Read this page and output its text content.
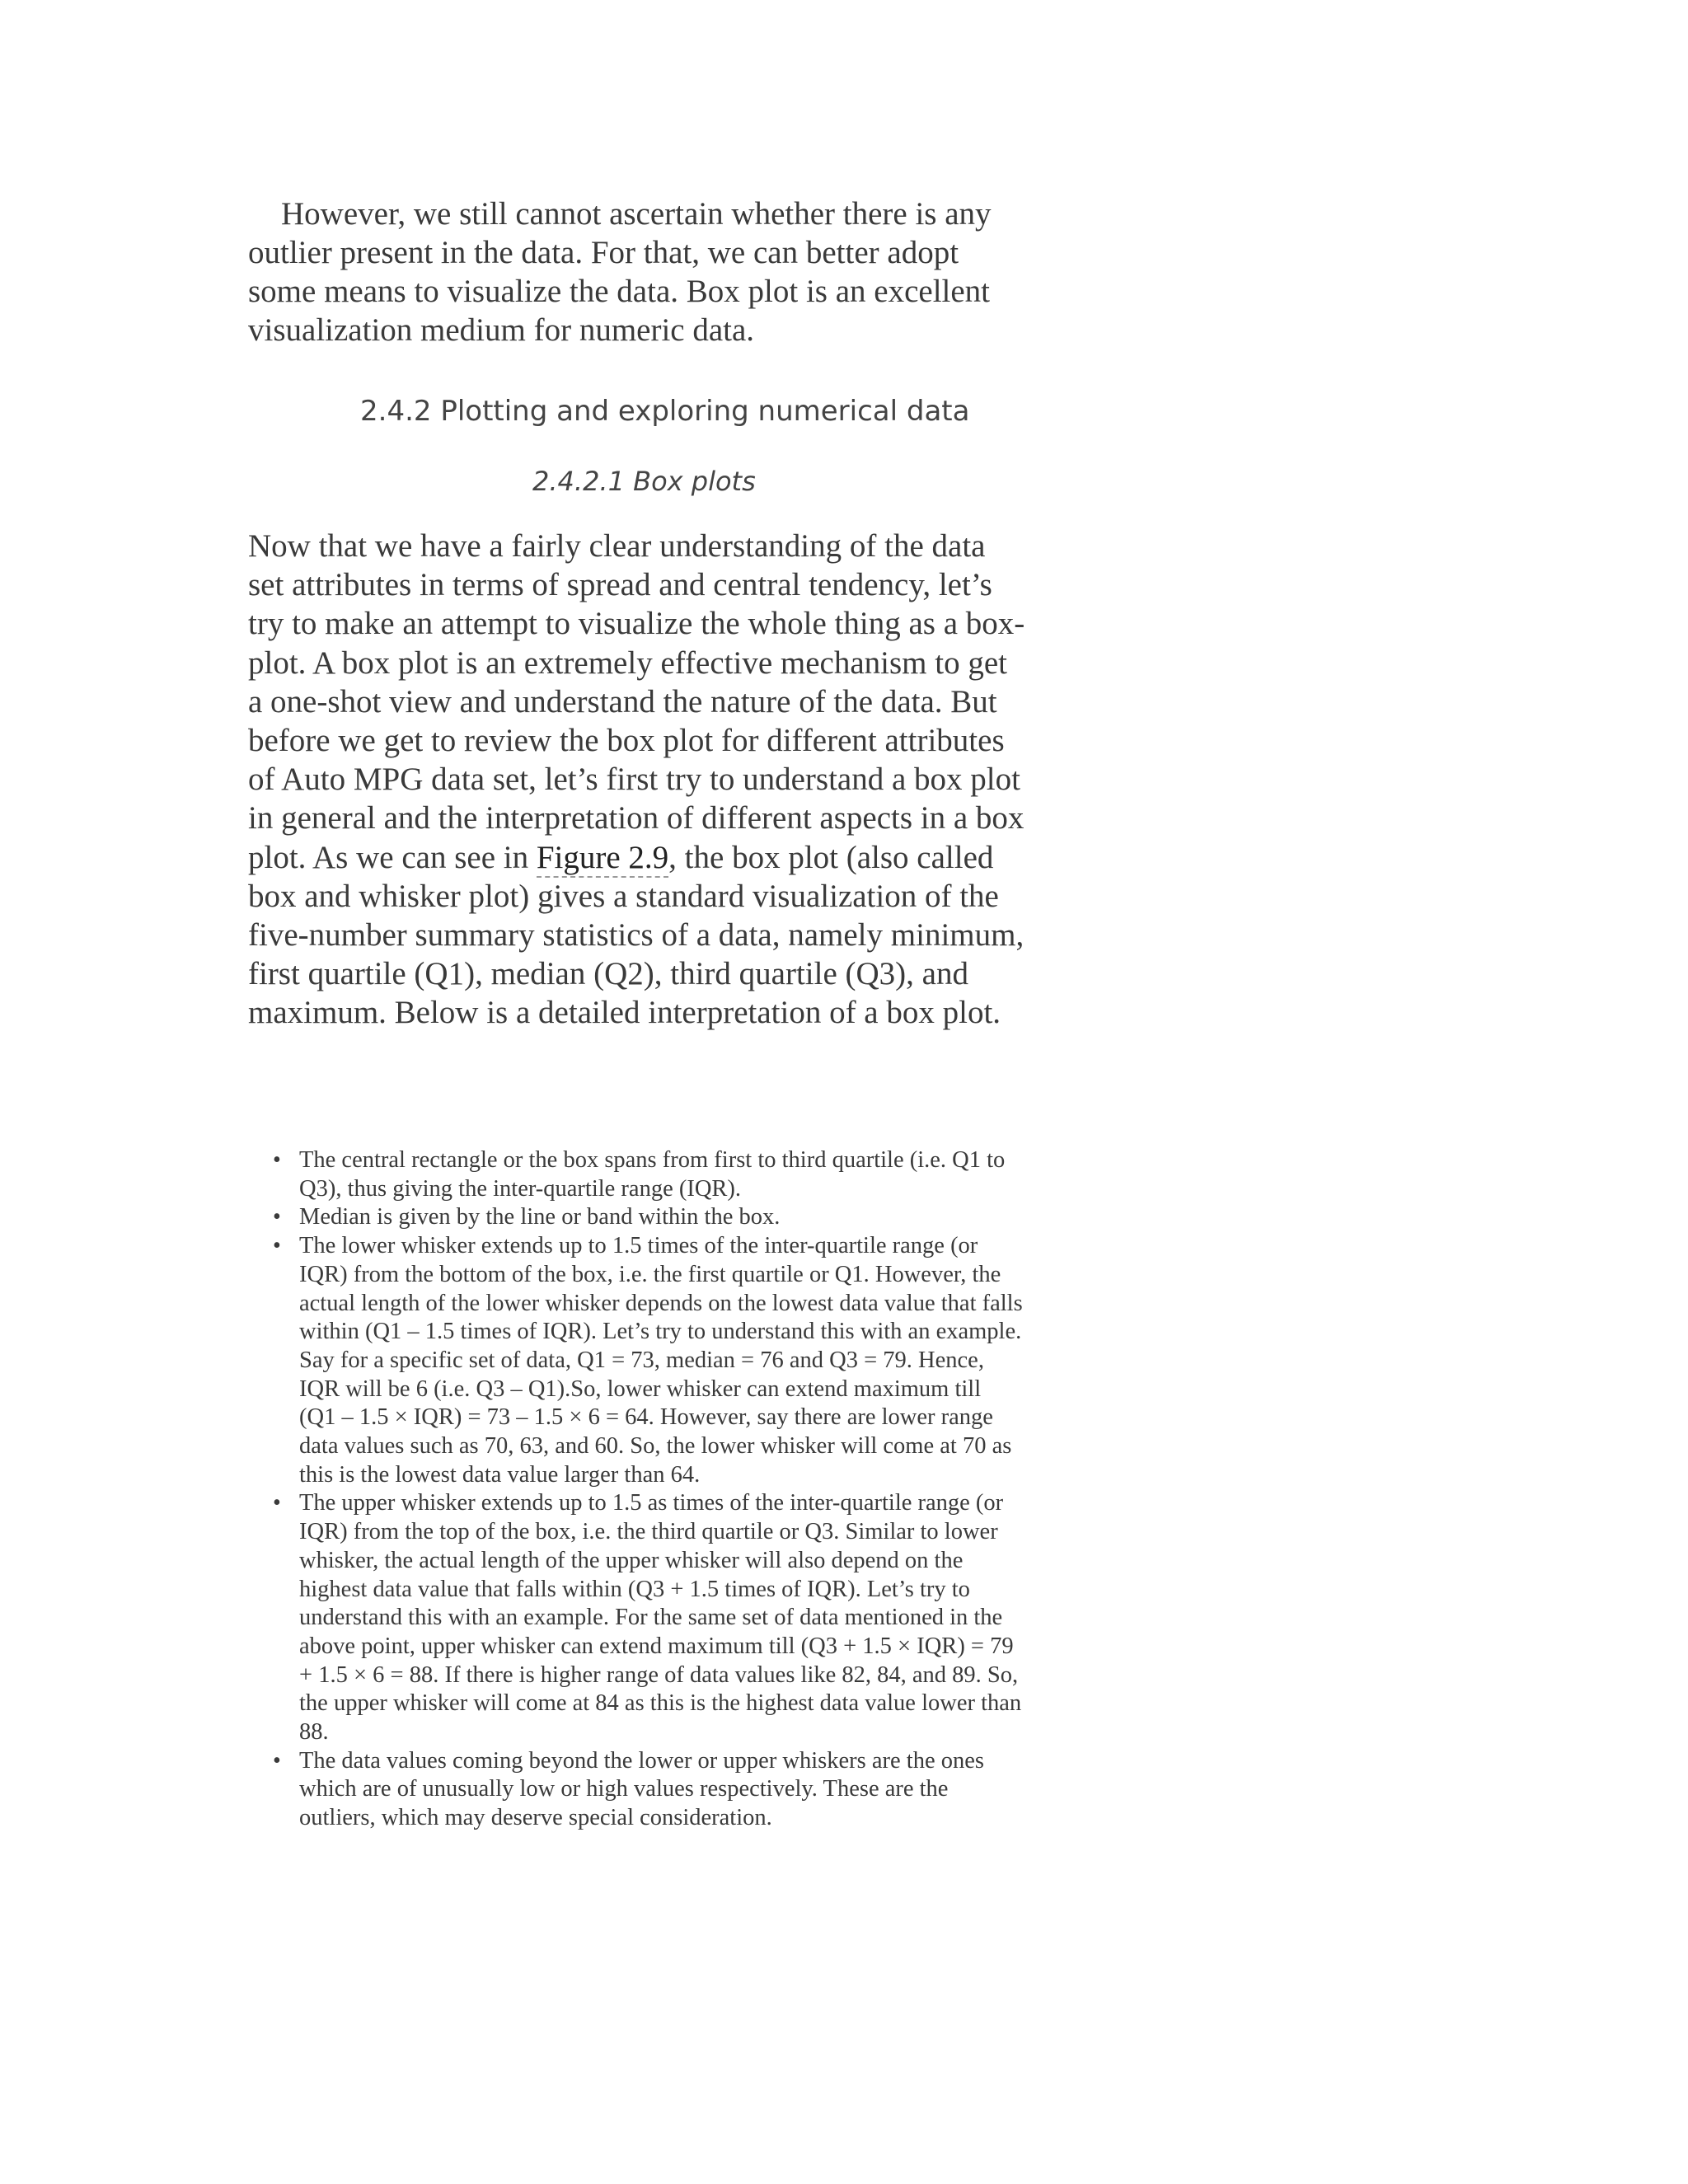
However, we still cannot ascertain whether there is any outlier present in the data. For that, we can better adopt some means to visualize the data. Box plot is an excellent visualization medium for numeric data.

2.4.2 Plotting and exploring numerical data
2.4.2.1 Box plots

Now that we have a fairly clear understanding of the data set attributes in terms of spread and central tendency, let’s try to make an attempt to visualize the whole thing as a box-plot. A box plot is an extremely effective mechanism to get a one-shot view and understand the nature of the data. But before we get to review the box plot for different attributes of Auto MPG data set, let’s first try to understand a box plot in general and the interpretation of different aspects in a box plot. As we can see in Figure 2.9, the box plot (also called box and whisker plot) gives a standard visualization of the five-number summary statistics of a data, namely minimum, first quartile (Q1), median (Q2), third quartile (Q3), and maximum. Below is a detailed interpretation of a box plot.

• The central rectangle or the box spans from first to third quartile (i.e. Q1 to Q3), thus giving the inter-quartile range (IQR).
• Median is given by the line or band within the box.
• The lower whisker extends up to 1.5 times of the inter-quartile range (or IQR) from the bottom of the box, i.e. the first quartile or Q1. However, the actual length of the lower whisker depends on the lowest data value that falls within (Q1 – 1.5 times of IQR). Let’s try to understand this with an example. Say for a specific set of data, Q1 = 73, median = 76 and Q3 = 79. Hence, IQR will be 6 (i.e. Q3 – Q1).So, lower whisker can extend maximum till (Q1 – 1.5 × IQR) = 73 – 1.5 × 6 = 64. However, say there are lower range data values such as 70, 63, and 60. So, the lower whisker will come at 70 as this is the lowest data value larger than 64.
• The upper whisker extends up to 1.5 as times of the inter-quartile range (or IQR) from the top of the box, i.e. the third quartile or Q3. Similar to lower whisker, the actual length of the upper whisker will also depend on the highest data value that falls within (Q3 + 1.5 times of IQR). Let’s try to understand this with an example. For the same set of data mentioned in the above point, upper whisker can extend maximum till (Q3 + 1.5 × IQR) = 79 + 1.5 × 6 = 88. If there is higher range of data values like 82, 84, and 89. So, the upper whisker will come at 84 as this is the highest data value lower than 88.
• The data values coming beyond the lower or upper whiskers are the ones which are of unusually low or high values respectively. These are the outliers, which may deserve special consideration.
